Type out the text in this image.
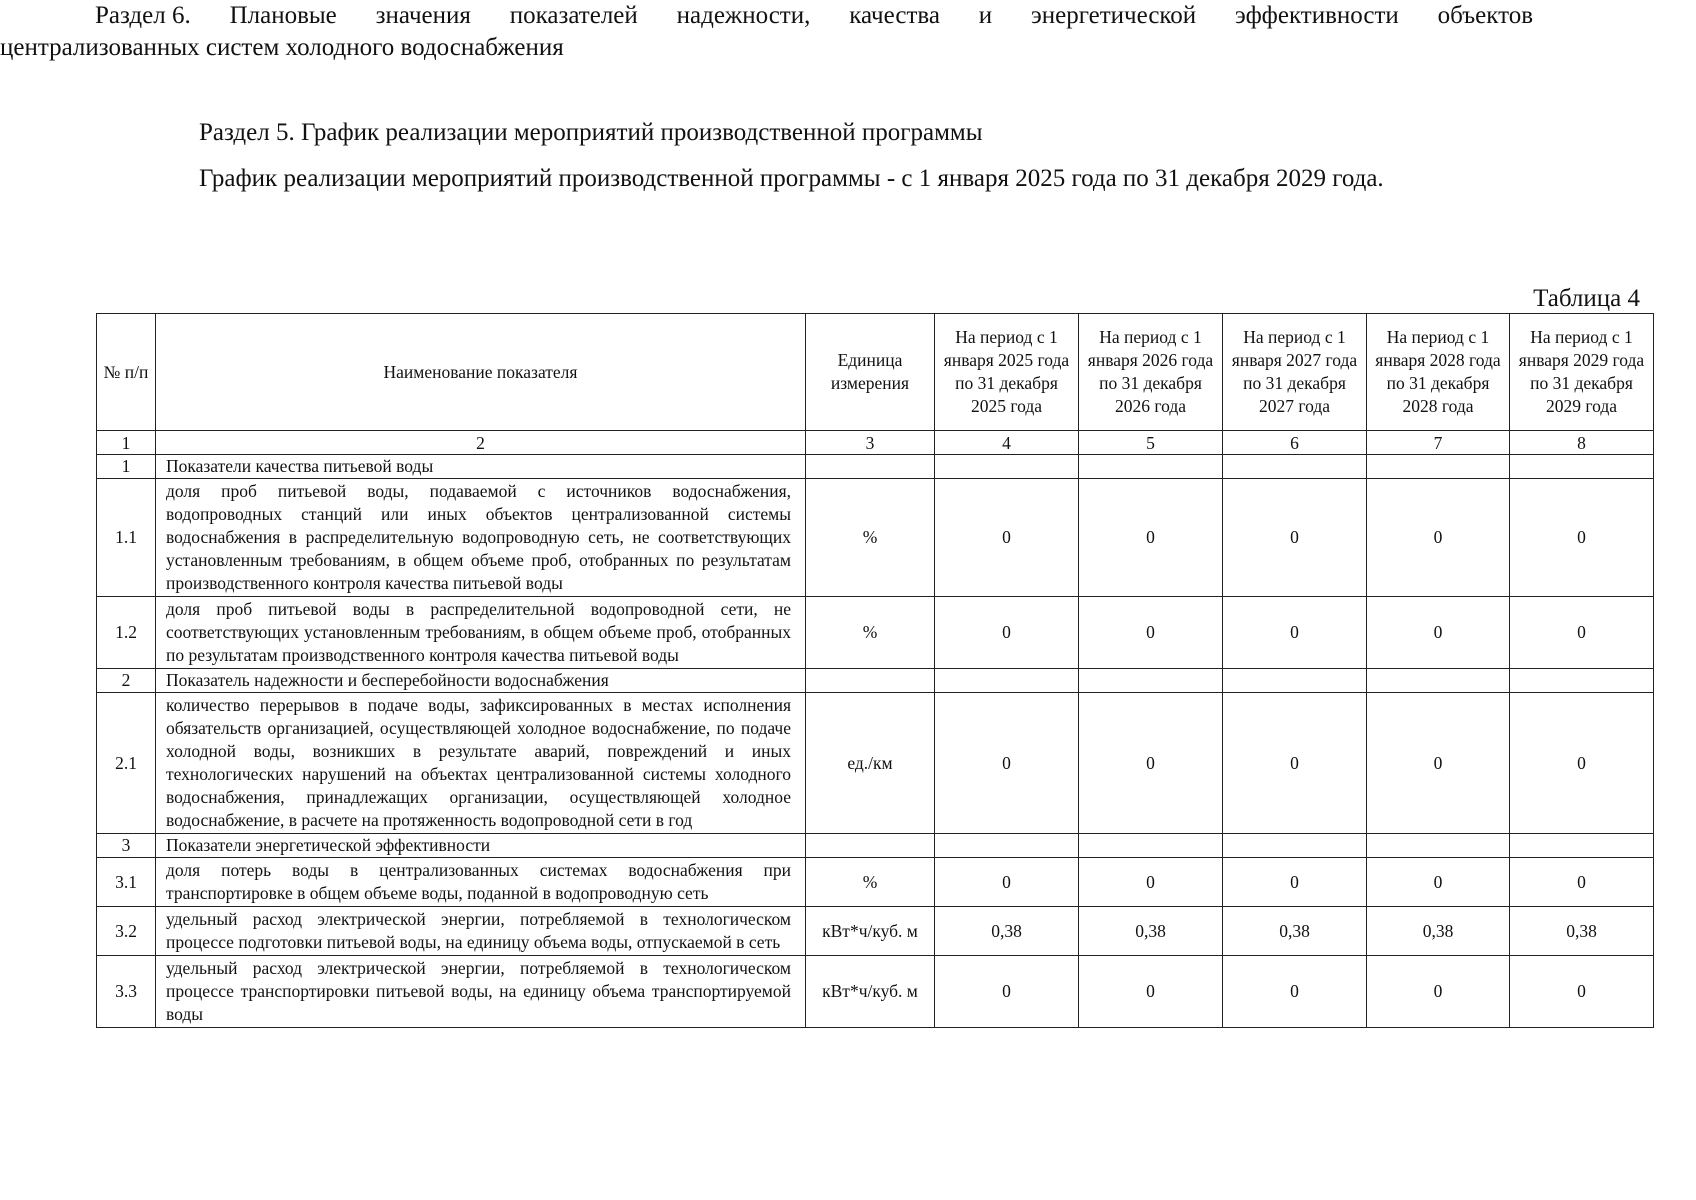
Раздел 5. График реализации мероприятий производственной программы
График реализации мероприятий производственной программы - с 1 января 2025 года по 31 декабря 2029 года.
Раздел 6. Плановые значения показателей надежности, качества и энергетической эффективности объектов
централизованных систем холодного водоснабжения
Таблица 4
№ п/п	Наименование показателя	Единица измерения	На период с 1 января 2025 года по 31 декабря 2025 года	На период с 1 января 2026 года по 31 декабря 2026 года	На период с 1 января 2027 года по 31 декабря 2027 года	На период с 1 января 2028 года по 31 декабря 2028 года	На период с 1 января 2029 года по 31 декабря 2029 года
1	2	3	4	5	6	7	8
1	Показатели качества питьевой воды						
1.1	доля проб питьевой воды, подаваемой с источников водоснабжения, водопроводных станций или иных объектов централизованной системы водоснабжения в распределительную водопроводную сеть, не соответствующих установленным требованиям, в общем объеме проб, отобранных по результатам производственного контроля качества питьевой воды	%	0	0	0	0	0
1.2	доля проб питьевой воды в распределительной водопроводной сети, не соответствующих установленным требованиям, в общем объеме проб, отобранных по результатам производственного контроля качества питьевой воды	%	0	0	0	0	0
2	Показатель надежности и бесперебойности водоснабжения						
2.1	количество перерывов в подаче воды, зафиксированных в местах исполнения обязательств организацией, осуществляющей холодное водоснабжение, по подаче холодной воды, возникших в результате аварий, повреждений и иных технологических нарушений на объектах централизованной системы холодного водоснабжения, принадлежащих организации, осуществляющей холодное водоснабжение, в расчете на протяженность водопроводной сети в год	ед./км	0	0	0	0	0
3	Показатели энергетической эффективности						
3.1	доля потерь воды в централизованных системах водоснабжения при транспортировке в общем объеме воды, поданной в водопроводную сеть	%	0	0	0	0	0
3.2	удельный расход электрической энергии, потребляемой в технологическом процессе подготовки питьевой воды, на единицу объема воды, отпускаемой в сеть	кВт*ч/куб. м	0,38	0,38	0,38	0,38	0,38
3.3	удельный расход электрической энергии, потребляемой в технологическом процессе транспортировки питьевой воды, на единицу объема транспортируемой воды	кВт*ч/куб. м	0	0	0	0	0
